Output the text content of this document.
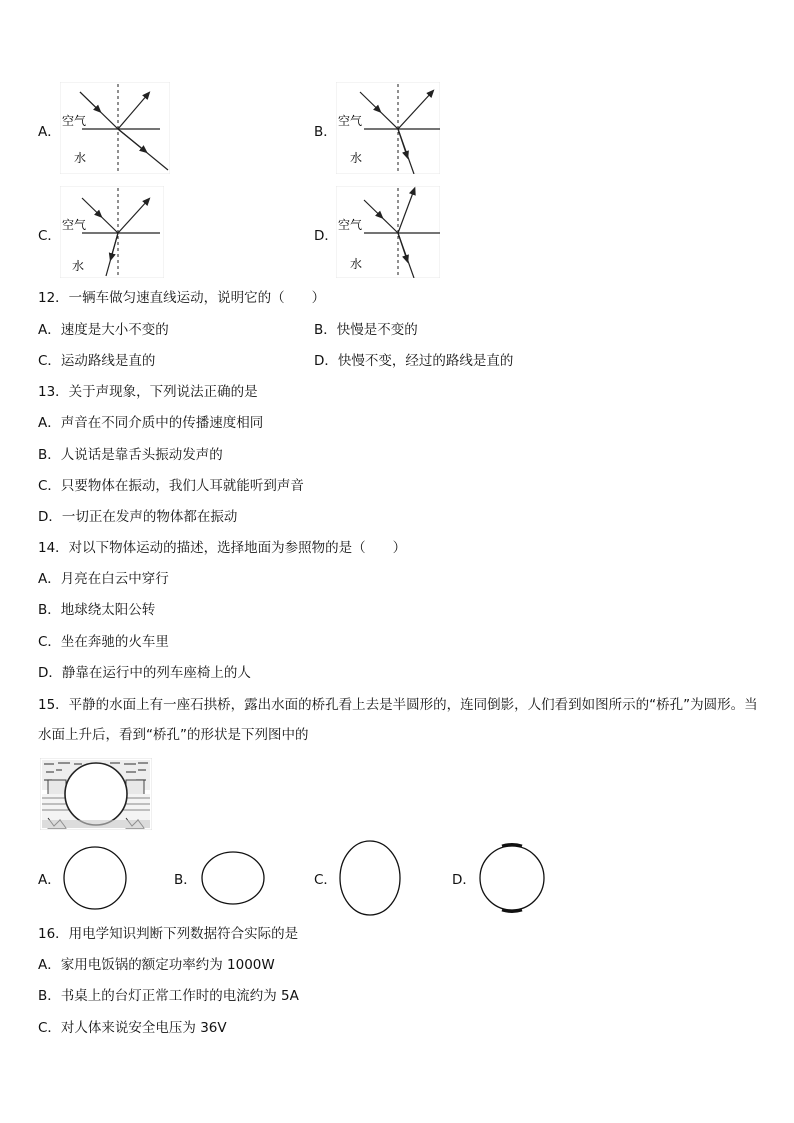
A．
空气
水
B．
空气
水
C．
空气
水
D．
空气
水
12．一辆车做匀速直线运动，说明它的（　　）
A．速度是大小不变的	B．快慢是不变的
C．运动路线是直的	D．快慢不变，经过的路线是直的
13．关于声现象，下列说法正确的是
A．声音在不同介质中的传播速度相同
B．人说话是靠舌头振动发声的
C．只要物体在振动，我们人耳就能听到声音
D．一切正在发声的物体都在振动
14．对以下物体运动的描述，选择地面为参照物的是（　　）
A．月亮在白云中穿行
B．地球绕太阳公转
C．坐在奔驰的火车里
D．静靠在运行中的列车座椅上的人
15．平静的水面上有一座石拱桥，露出水面的桥孔看上去是半圆形的，连同倒影，人们看到如图所示的“桥孔”为圆形。当水面上升后，看到“桥孔”的形状是下列图中的
A．	B．	C．	D．
16．用电学知识判断下列数据符合实际的是
A．家用电饭锅的额定功率约为 1000W
B．书桌上的台灯正常工作时的电流约为 5A
C．对人体来说安全电压为 36V
